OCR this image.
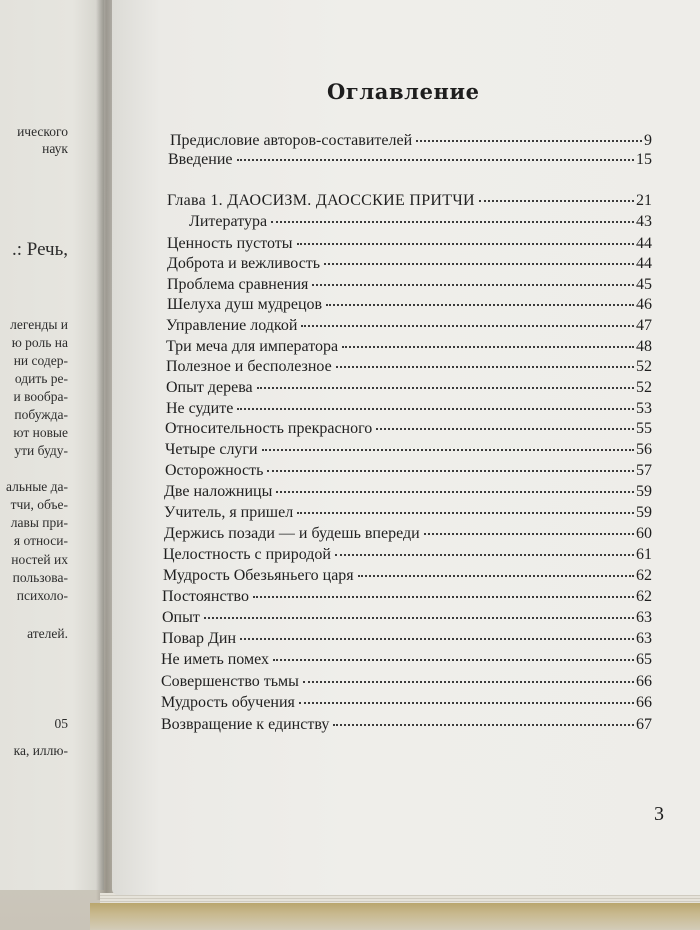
ического

наук

.: Речь,

легенды и

ю роль на

ни содер-

одить ре-

и вообра-

побужда-

ют новые

ути буду-

альные да-

тчи, объе-

лавы при-

я относи-

ностей их

пользова-

психоло-

ателей.

05

ка, иллю-

Оглавление
Предисловие авторов-составителей	9
Введение	15
Глава 1. ДАОСИЗМ. ДАОССКИЕ ПРИТЧИ	21
Литература	43
Ценность пустоты	44
Доброта и вежливость	44
Проблема сравнения	45
Шелуха душ мудрецов	46
Управление лодкой	47
Три меча для императора	48
Полезное и бесполезное	52
Опыт дерева	52
Не судите	53
Относительность прекрасного	55
Четыре слуги	56
Осторожность	57
Две наложницы	59
Учитель, я пришел	59
Держись позади — и будешь впереди	60
Целостность с природой	61
Мудрость Обезьяньего царя	62
Постоянство	62
Опыт	63
Повар Дин	63
Не иметь помех	65
Совершенство тьмы	66
Мудрость обучения	66
Возвращение к единству	67
3
